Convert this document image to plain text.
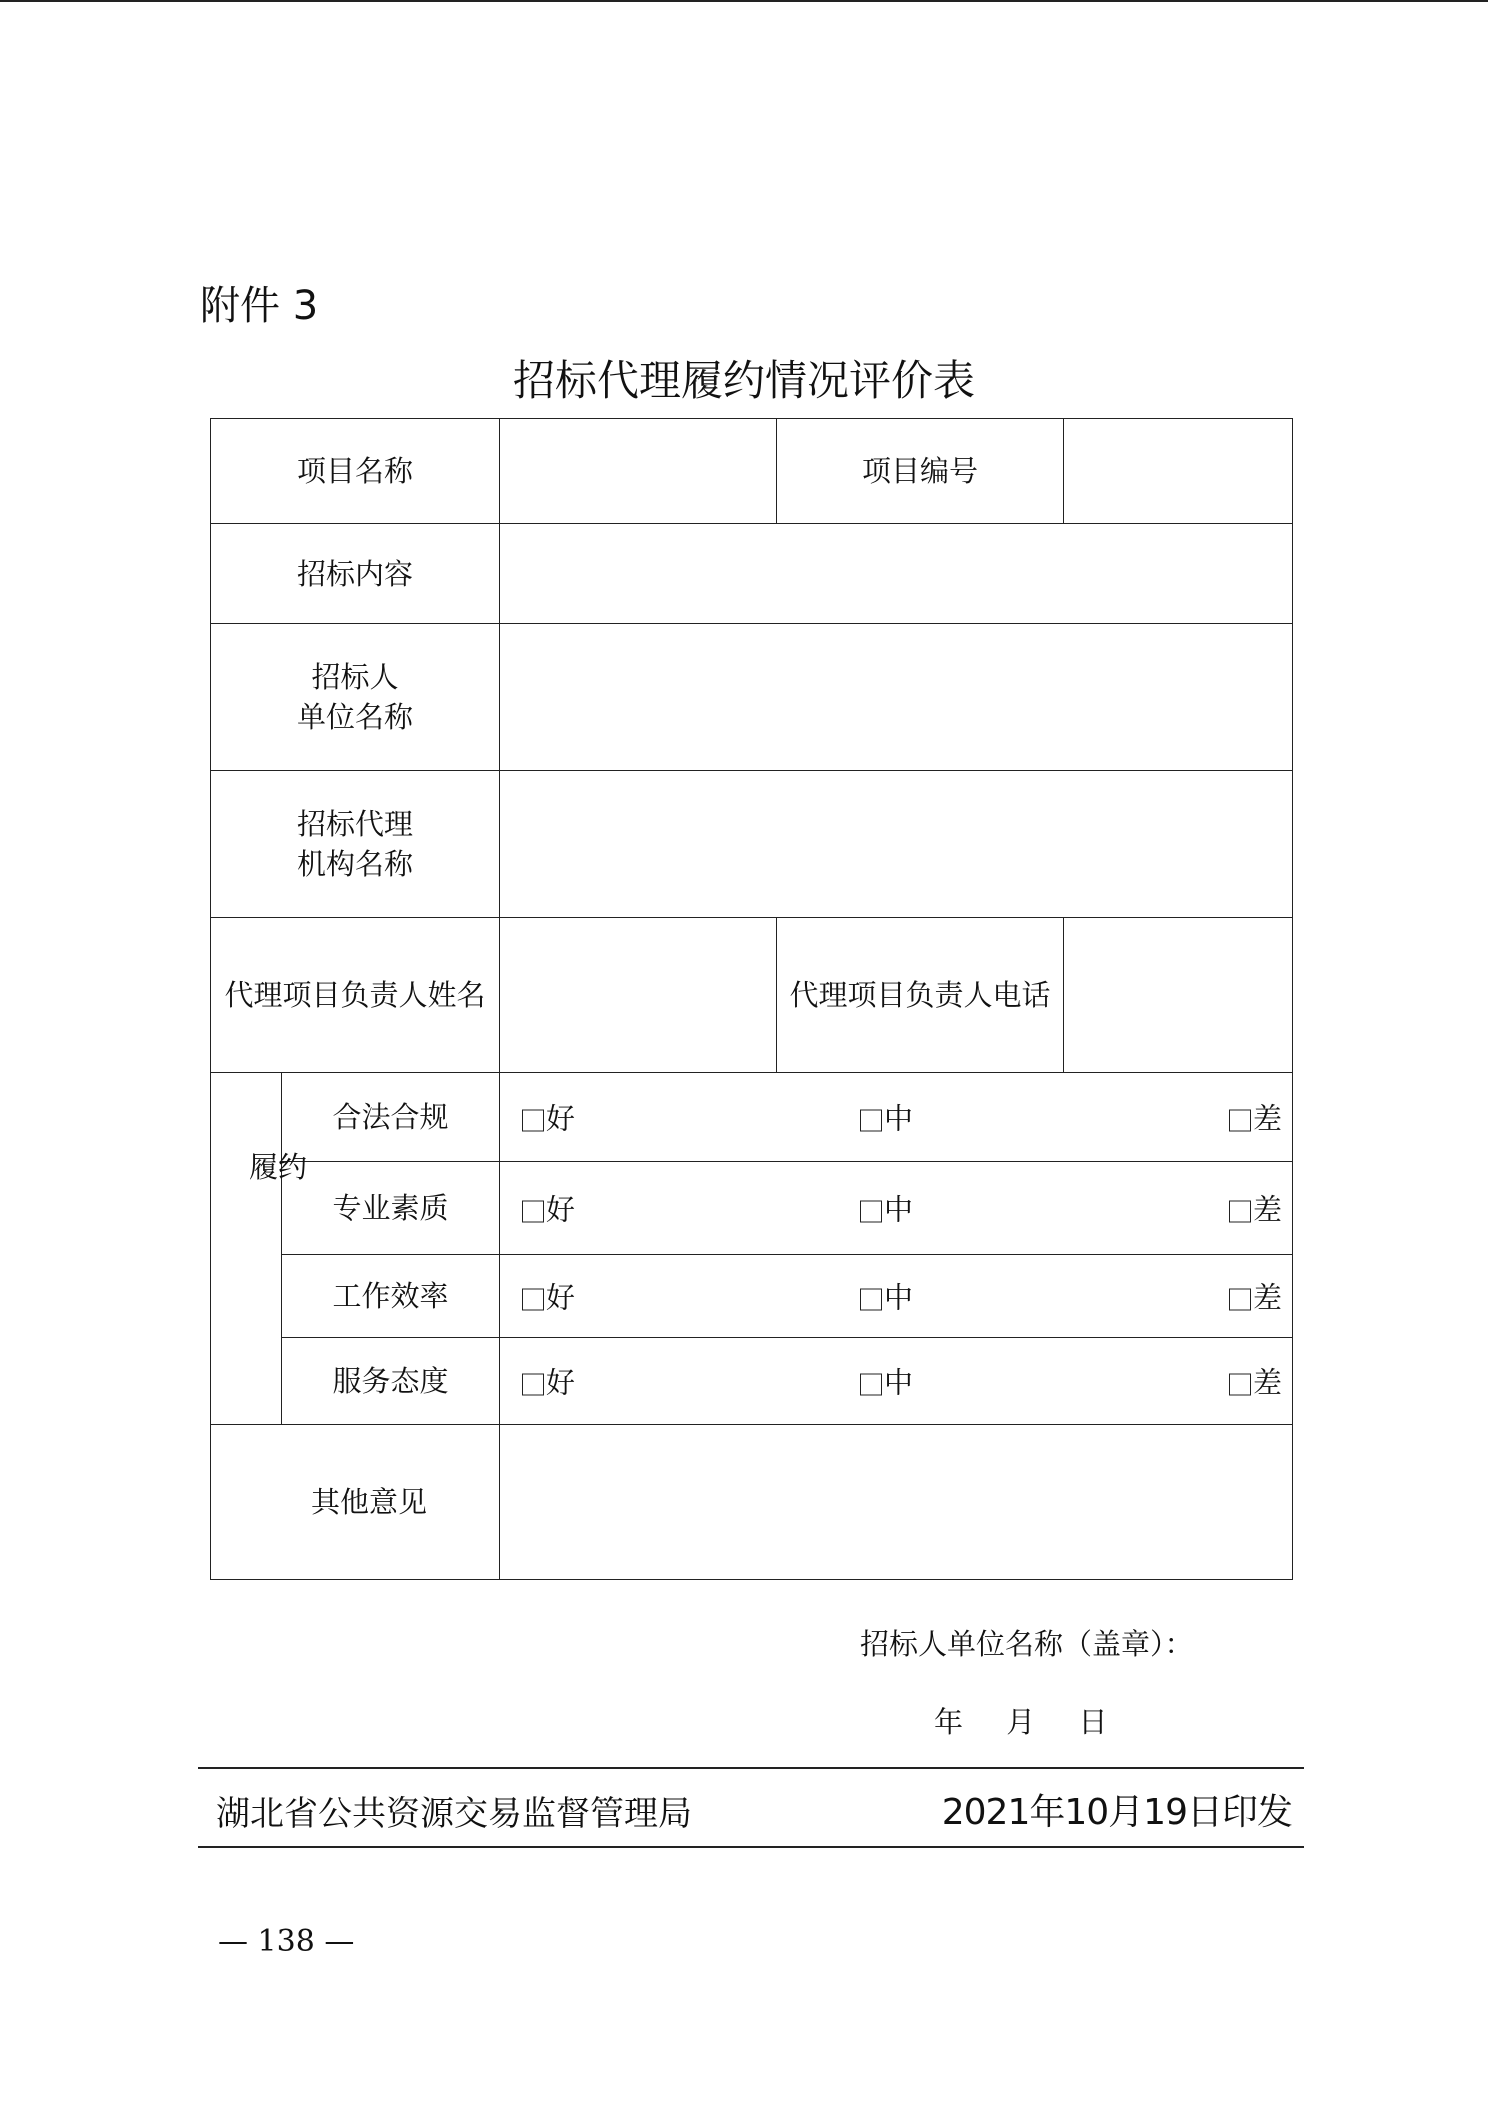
附件 3
招标代理履约情况评价表
项目名称			项目编号	
招标内容				

招标人
单位名称				

招标代理
机构名称				

代理项目负责人姓名			代理项目负责人电话	

履约	合法合规	好 中 差		

	专业素质	好 中 差		

	工作效率	好 中 差		

	服务态度	好 中 差		

其他意见				
招标人单位名称（盖章）：
年 月 日
湖北省公共资源交易监督管理局	2021年10月19日印发
— 138 —
